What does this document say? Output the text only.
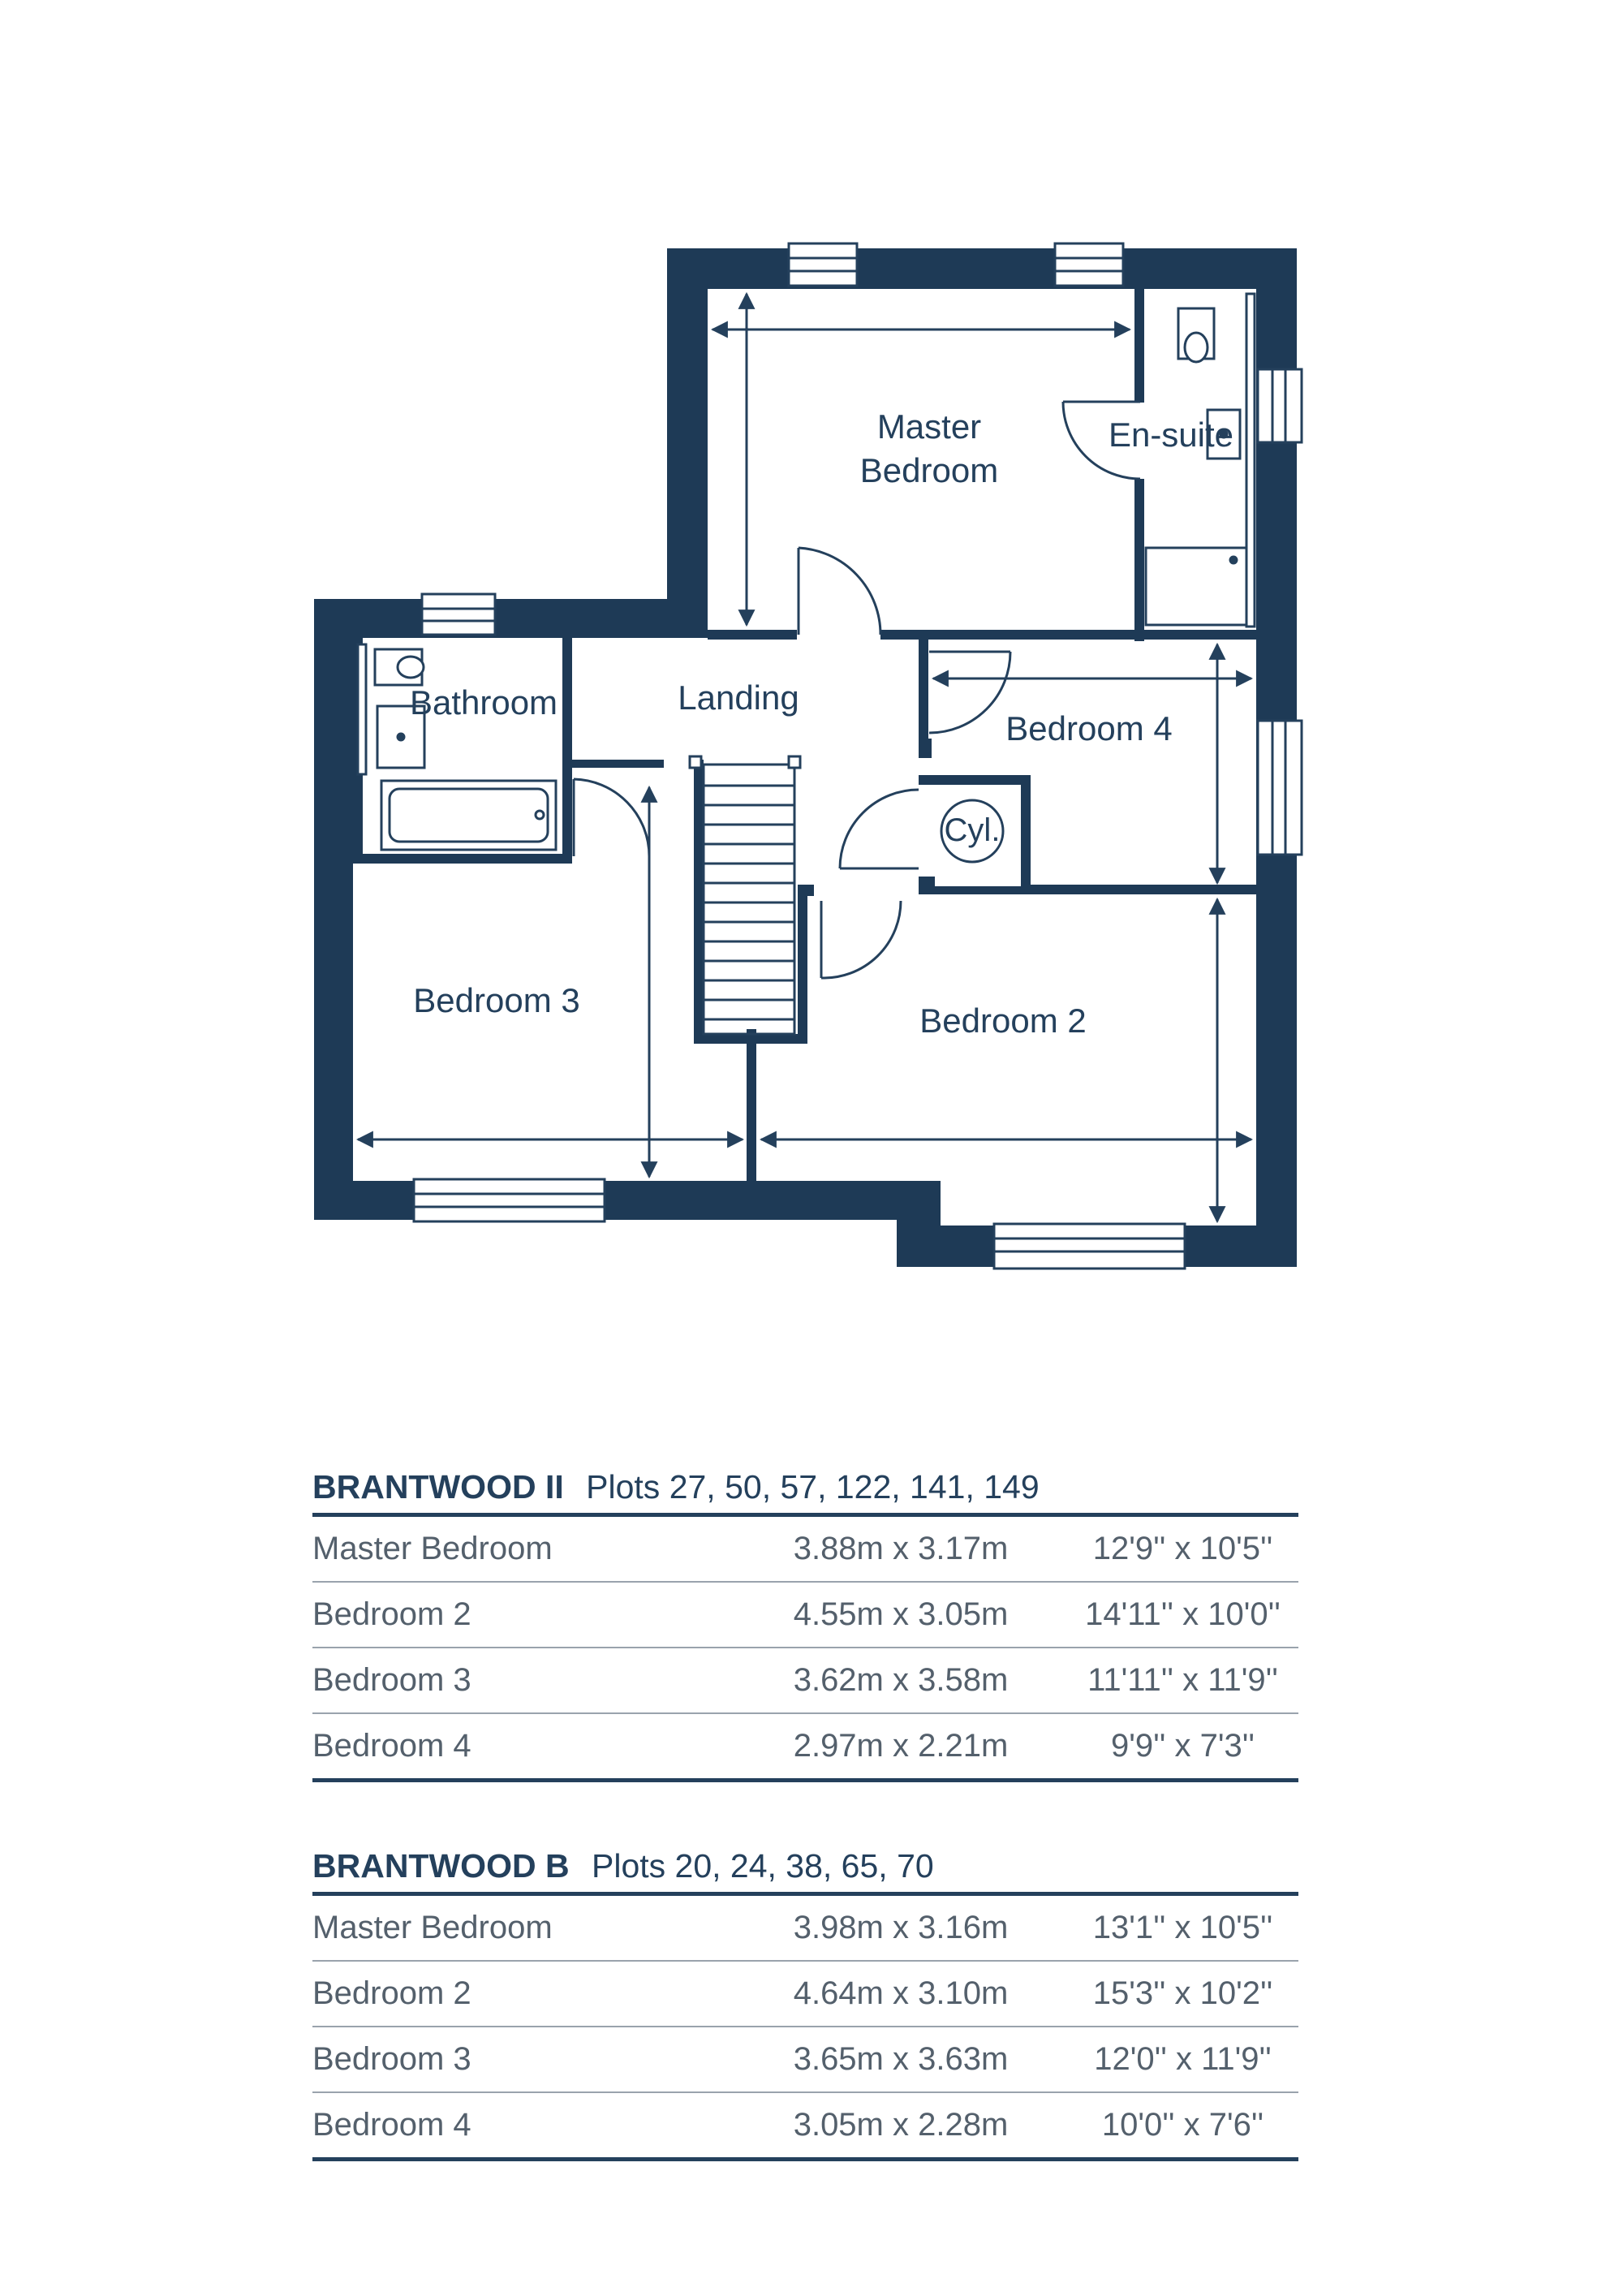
Master
Bedroom
En-suite
Bathroom	Landing
Bedroom 4
Cyl.
Bedroom 3
Bedroom 2
BRANTWOOD II Plots 27, 50, 57, 122, 141, 149
Master Bedroom	3.88m x 3.17m	12'9'' x 10'5''
Bedroom 2	4.55m x 3.05m	14'11'' x 10'0''
Bedroom 3	3.62m x 3.58m	11'11'' x 11'9''
Bedroom 4	2.97m x 2.21m	9'9'' x 7'3''
BRANTWOOD B Plots 20, 24, 38, 65, 70
Master Bedroom	3.98m x 3.16m	13'1'' x 10'5''
Bedroom 2	4.64m x 3.10m	15'3'' x 10'2''
Bedroom 3	3.65m x 3.63m	12'0'' x 11'9''
Bedroom 4	3.05m x 2.28m	10'0'' x 7'6''
